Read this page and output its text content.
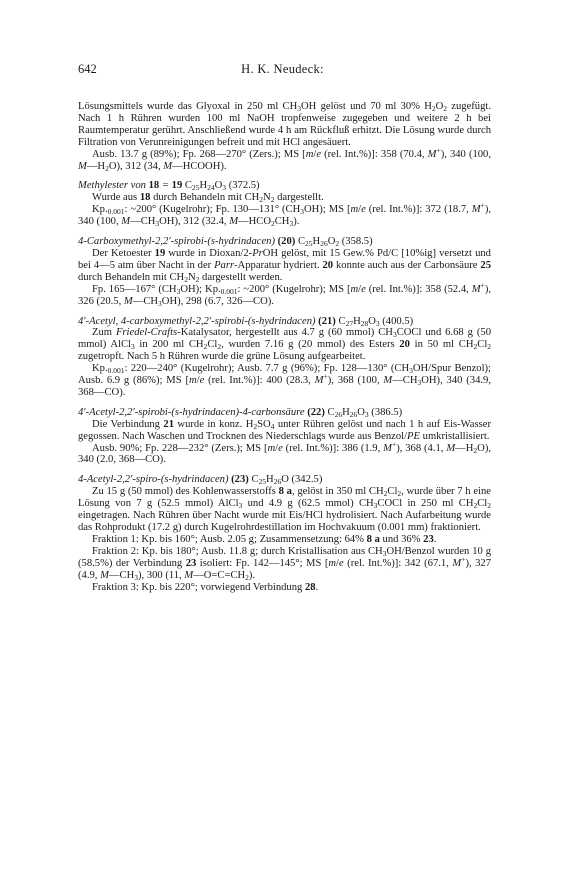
642	H. K. Neudeck:

Lösungsmittels wurde das Glyoxal in 250 ml $CH_3OH$ gelöst und 70 ml 30% $H_2O_2$ zugefügt. Nach 1 h Rühren wurden 100 ml NaOH tropfenweise zugegeben und weitere 2 h bei Raumtemperatur gerührt. Anschließend wurde 4 h am Rückfluß erhitzt. Die Lösung wurde durch Filtration von Verunreinigungen befreit und mit HCl angesäuert.

Ausb. 13.7 g (89%); Fp. 268—270° (Zers.); MS [m/e (rel. Int.%)]: 358 (70.4, M+), 340 (100, $M—H_2O$), 312 (34, M—HCOOH).

Methylester von 18 = 19 $C_{25}H_{24}O_3$ (372.5)

Wurde aus 18 durch Behandeln mit $CH_2N_2$ dargestellt.

$Kp._{0.001}$: ~200° (Kugelrohr); Fp. 130—131° $(CH_3OH)$; MS [m/e (rel. Int.%)]: 372 (18.7, M+), 340 (100, $M—CH_3OH$), 312 (32.4, $M—HCO_2CH_3$).

4-Carboxymethyl-2,2′-spirobi-(s-hydrindacen) (20) $C_{25}H_{26}O_2$ (358.5)

Der Ketoester 19 wurde in Dioxan/2-PrOH gelöst, mit 15 Gew.% Pd/C [10%ig] versetzt und bei 4—5 atm über Nacht in der Parr-Apparatur hydriert. 20 konnte auch aus der Carbonsäure 25 durch Behandeln mit $CH_2N_2$ dargestellt werden.

Fp. 165—167° $(CH_3OH)$; $Kp._{0.001}$: ~200° (Kugelrohr); MS [m/e (rel. Int.%)]: 358 (52.4, M+), 326 (20.5, $M—CH_3OH$), 298 (6.7, 326—CO).

4′-Acetyl, 4-carboxymethyl-2,2′-spirobi-(s-hydrindacen) (21) $C_{27}H_{28}O_3$ (400.5)

Zum Friedel-Crafts-Katalysator, hergestellt aus 4.7 g (60 mmol) $CH_3COCl$ und 6.68 g (50 mmol) AlCl$_3$ in 200 ml $CH_2Cl_2$, wurden 7.16 g (20 mmol) des Esters 20 in 50 ml $CH_2Cl_2$ zugetropft. Nach 5 h Rühren wurde die grüne Lösung aufgearbeitet.

$Kp._{0.001}$: 220—240° (Kugelrohr); Ausb. 7.7 g (96%); Fp. 128—130° ($CH_3OH$/Spur Benzol); Ausb. 6.9 g (86%); MS [m/e (rel. Int.%)]: 400 (28.3, M+), 368 (100, $M—CH_3OH$), 340 (34.9, 368—CO).

4′-Acetyl-2,2′-spirobi-(s-hydrindacen)-4-carbonsäure (22) $C_{26}H_{26}O_3$ (386.5)

Die Verbindung 21 wurde in konz. $H_2SO_4$ unter Rühren gelöst und nach 1 h auf Eis-Wasser gegossen. Nach Waschen und Trocknen des Niederschlags wurde aus Benzol/PE umkristallisiert.

Ausb. 90%; Fp. 228—232° (Zers.); MS [m/e (rel. Int.%)]: 386 (1.9, M+), 368 (4.1, $M—H_2O$), 340 (2.0, 368—CO).

4-Acetyl-2,2′-spiro-(s-hydrindacen) (23) $C_{25}H_{26}O$ (342.5)

Zu 15 g (50 mmol) des Kohlenwasserstoffs 8 a, gelöst in 350 ml $CH_2Cl_2$, wurde über 7 h eine Lösung von 7 g (52.5 mmol) AlCl$_3$ und 4.9 g (62.5 mmol) $CH_3COCl$ in 250 ml $CH_2Cl_2$ eingetragen. Nach Rühren über Nacht wurde mit Eis/HCl hydrolisiert. Nach Aufarbeitung wurde das Rohprodukt (17.2 g) durch Kugelrohrdestillation im Hochvakuum (0.001 mm) fraktioniert.

Fraktion 1: Kp. bis 160°; Ausb. 2.05 g; Zusammensetzung: 64% 8 a und 36% 23.

Fraktion 2: Kp. bis 180°; Ausb. 11.8 g; durch Kristallisation aus $CH_3OH$/Benzol wurden 10 g (58.5%) der Verbindung 23 isoliert: Fp. 142—145°; MS [m/e (rel. Int.%)]: 342 (67.1, M+), 327 (4.9, $M—CH_3$), 300 (11, $M—O=C=CH_2$).

Fraktion 3: Kp. bis 220°; vorwiegend Verbindung 28.
